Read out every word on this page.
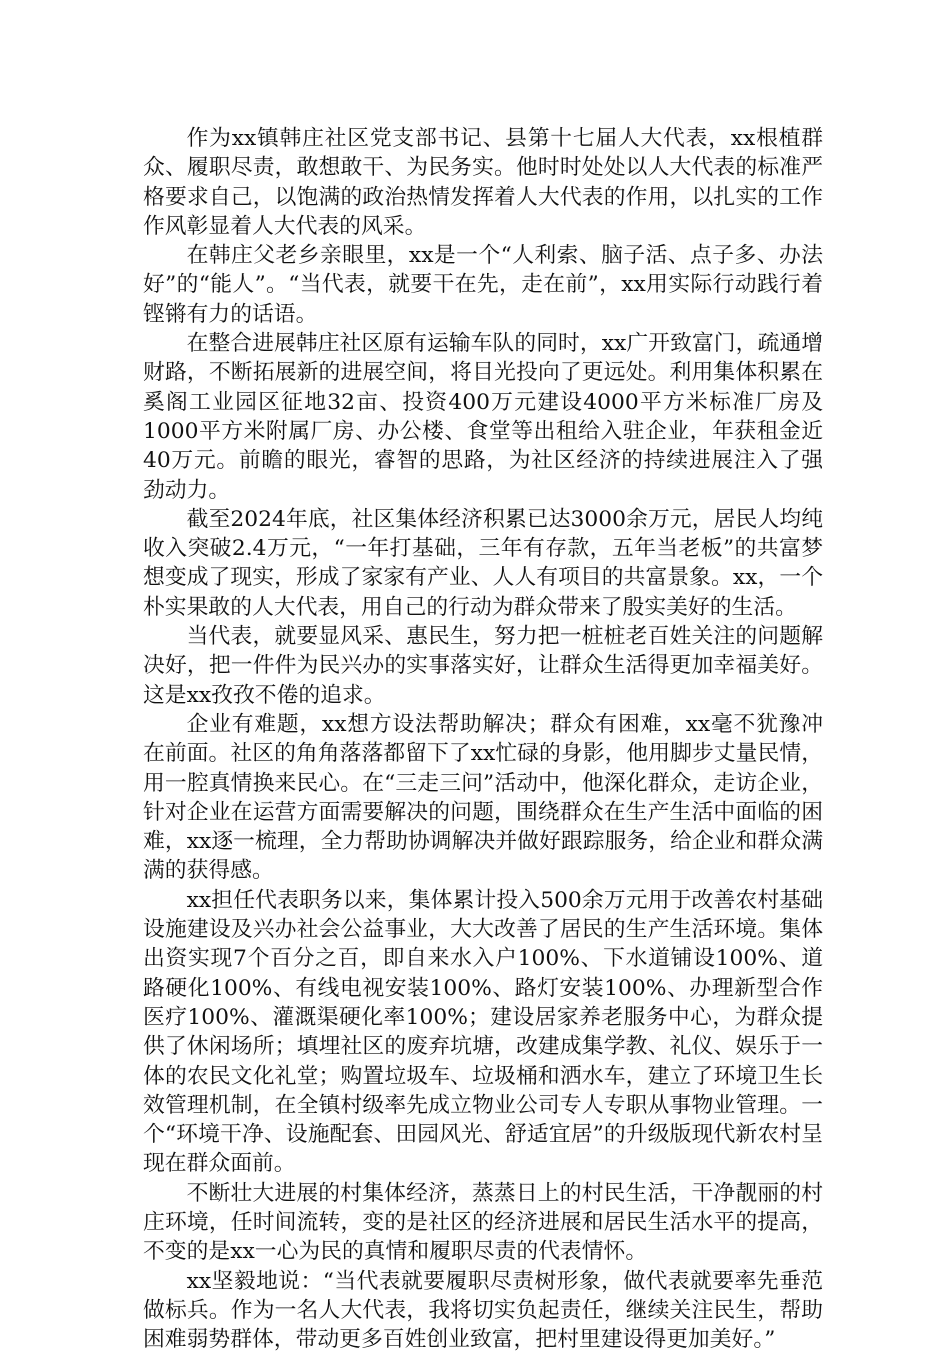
作为xx镇韩庄社区党支部书记、县第十七届人大代表，xx根植群众、履职尽责，敢想敢干、为民务实。他时时处处以人大代表的标准严格要求自己，以饱满的政治热情发挥着人大代表的作用，以扎实的工作作风彰显着人大代表的风采。

在韩庄父老乡亲眼里，xx是一个“人利索、脑子活、点子多、办法好”的“能人”。“当代表，就要干在先，走在前”，xx用实际行动践行着铿锵有力的话语。

在整合进展韩庄社区原有运输车队的同时，xx广开致富门，疏通增财路，不断拓展新的进展空间，将目光投向了更远处。利用集体积累在奚阁工业园区征地32亩、投资400万元建设4000平方米标准厂房及1000平方米附属厂房、办公楼、食堂等出租给入驻企业，年获租金近40万元。前瞻的眼光，睿智的思路，为社区经济的持续进展注入了强劲动力。

截至2024年底，社区集体经济积累已达3000余万元，居民人均纯收入突破2.4万元，“一年打基础，三年有存款，五年当老板”的共富梦想变成了现实，形成了家家有产业、人人有项目的共富景象。xx，一个朴实果敢的人大代表，用自己的行动为群众带来了殷实美好的生活。

当代表，就要显风采、惠民生，努力把一桩桩老百姓关注的问题解决好，把一件件为民兴办的实事落实好，让群众生活得更加幸福美好。这是xx孜孜不倦的追求。

企业有难题，xx想方设法帮助解决；群众有困难，xx毫不犹豫冲在前面。社区的角角落落都留下了xx忙碌的身影，他用脚步丈量民情，用一腔真情换来民心。在“三走三问”活动中，他深化群众，走访企业，针对企业在运营方面需要解决的问题，围绕群众在生产生活中面临的困难，xx逐一梳理，全力帮助协调解决并做好跟踪服务，给企业和群众满满的获得感。

xx担任代表职务以来，集体累计投入500余万元用于改善农村基础设施建设及兴办社会公益事业，大大改善了居民的生产生活环境。集体出资实现7个百分之百，即自来水入户100%、下水道铺设100%、道路硬化100%、有线电视安装100%、路灯安装100%、办理新型合作医疗100%、灌溉渠硬化率100%；建设居家养老服务中心，为群众提供了休闲场所；填埋社区的废弃坑塘，改建成集学教、礼仪、娱乐于一体的农民文化礼堂；购置垃圾车、垃圾桶和洒水车，建立了环境卫生长效管理机制，在全镇村级率先成立物业公司专人专职从事物业管理。一个“环境干净、设施配套、田园风光、舒适宜居”的升级版现代新农村呈现在群众面前。

不断壮大进展的村集体经济，蒸蒸日上的村民生活，干净靓丽的村庄环境，任时间流转，变的是社区的经济进展和居民生活水平的提高，不变的是xx一心为民的真情和履职尽责的代表情怀。

xx坚毅地说：“当代表就要履职尽责树形象，做代表就要率先垂范做标兵。作为一名人大代表，我将切实负起责任，继续关注民生，帮助困难弱势群体，带动更多百姓创业致富，把村里建设得更加美好。”
